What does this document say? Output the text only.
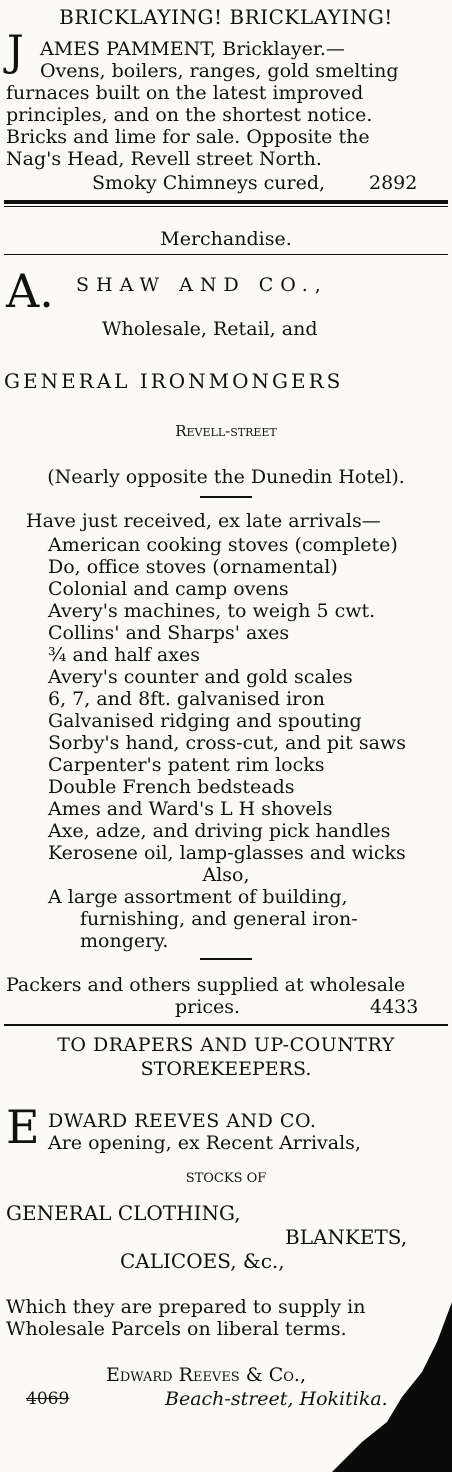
BRICKLAYING! BRICKLAYING!
J AMES PAMMENT, Bricklayer.—
Ovens, boilers, ranges, gold smelting
furnaces built on the latest improved
principles, and on the shortest notice.
Bricks and lime for sale. Opposite the
Nag's Head, Revell street North.
Smoky Chimneys cured, 2892
Merchandise.
A. SHAW AND CO.,
Wholesale, Retail, and
GENERAL IRONMONGERS
Revell-street
(Nearly opposite the Dunedin Hotel).
Have just received, ex late arrivals—
American cooking stoves (complete)
Do, office stoves (ornamental)
Colonial and camp ovens
Avery's machines, to weigh 5 cwt.
Collins' and Sharps' axes
¾ and half axes
Avery's counter and gold scales
6, 7, and 8ft. galvanised iron
Galvanised ridging and spouting
Sorby's hand, cross-cut, and pit saws
Carpenter's patent rim locks
Double French bedsteads
Ames and Ward's L H shovels
Axe, adze, and driving pick handles
Kerosene oil, lamp-glasses and wicks
Also,
A large assortment of building,
furnishing, and general iron-
mongery.
Packers and others supplied at wholesale
prices.	4433
TO DRAPERS AND UP-COUNTRY
STOREKEEPERS.
E DWARD REEVES AND CO.
Are opening, ex Recent Arrivals,
STOCKS OF
GENERAL CLOTHING,
BLANKETS,
CALICOES, &c.,
Which they are prepared to supply in
Wholesale Parcels on liberal terms.
Edward Reeves & Co.,
4069	Beach-street, Hokitika.
